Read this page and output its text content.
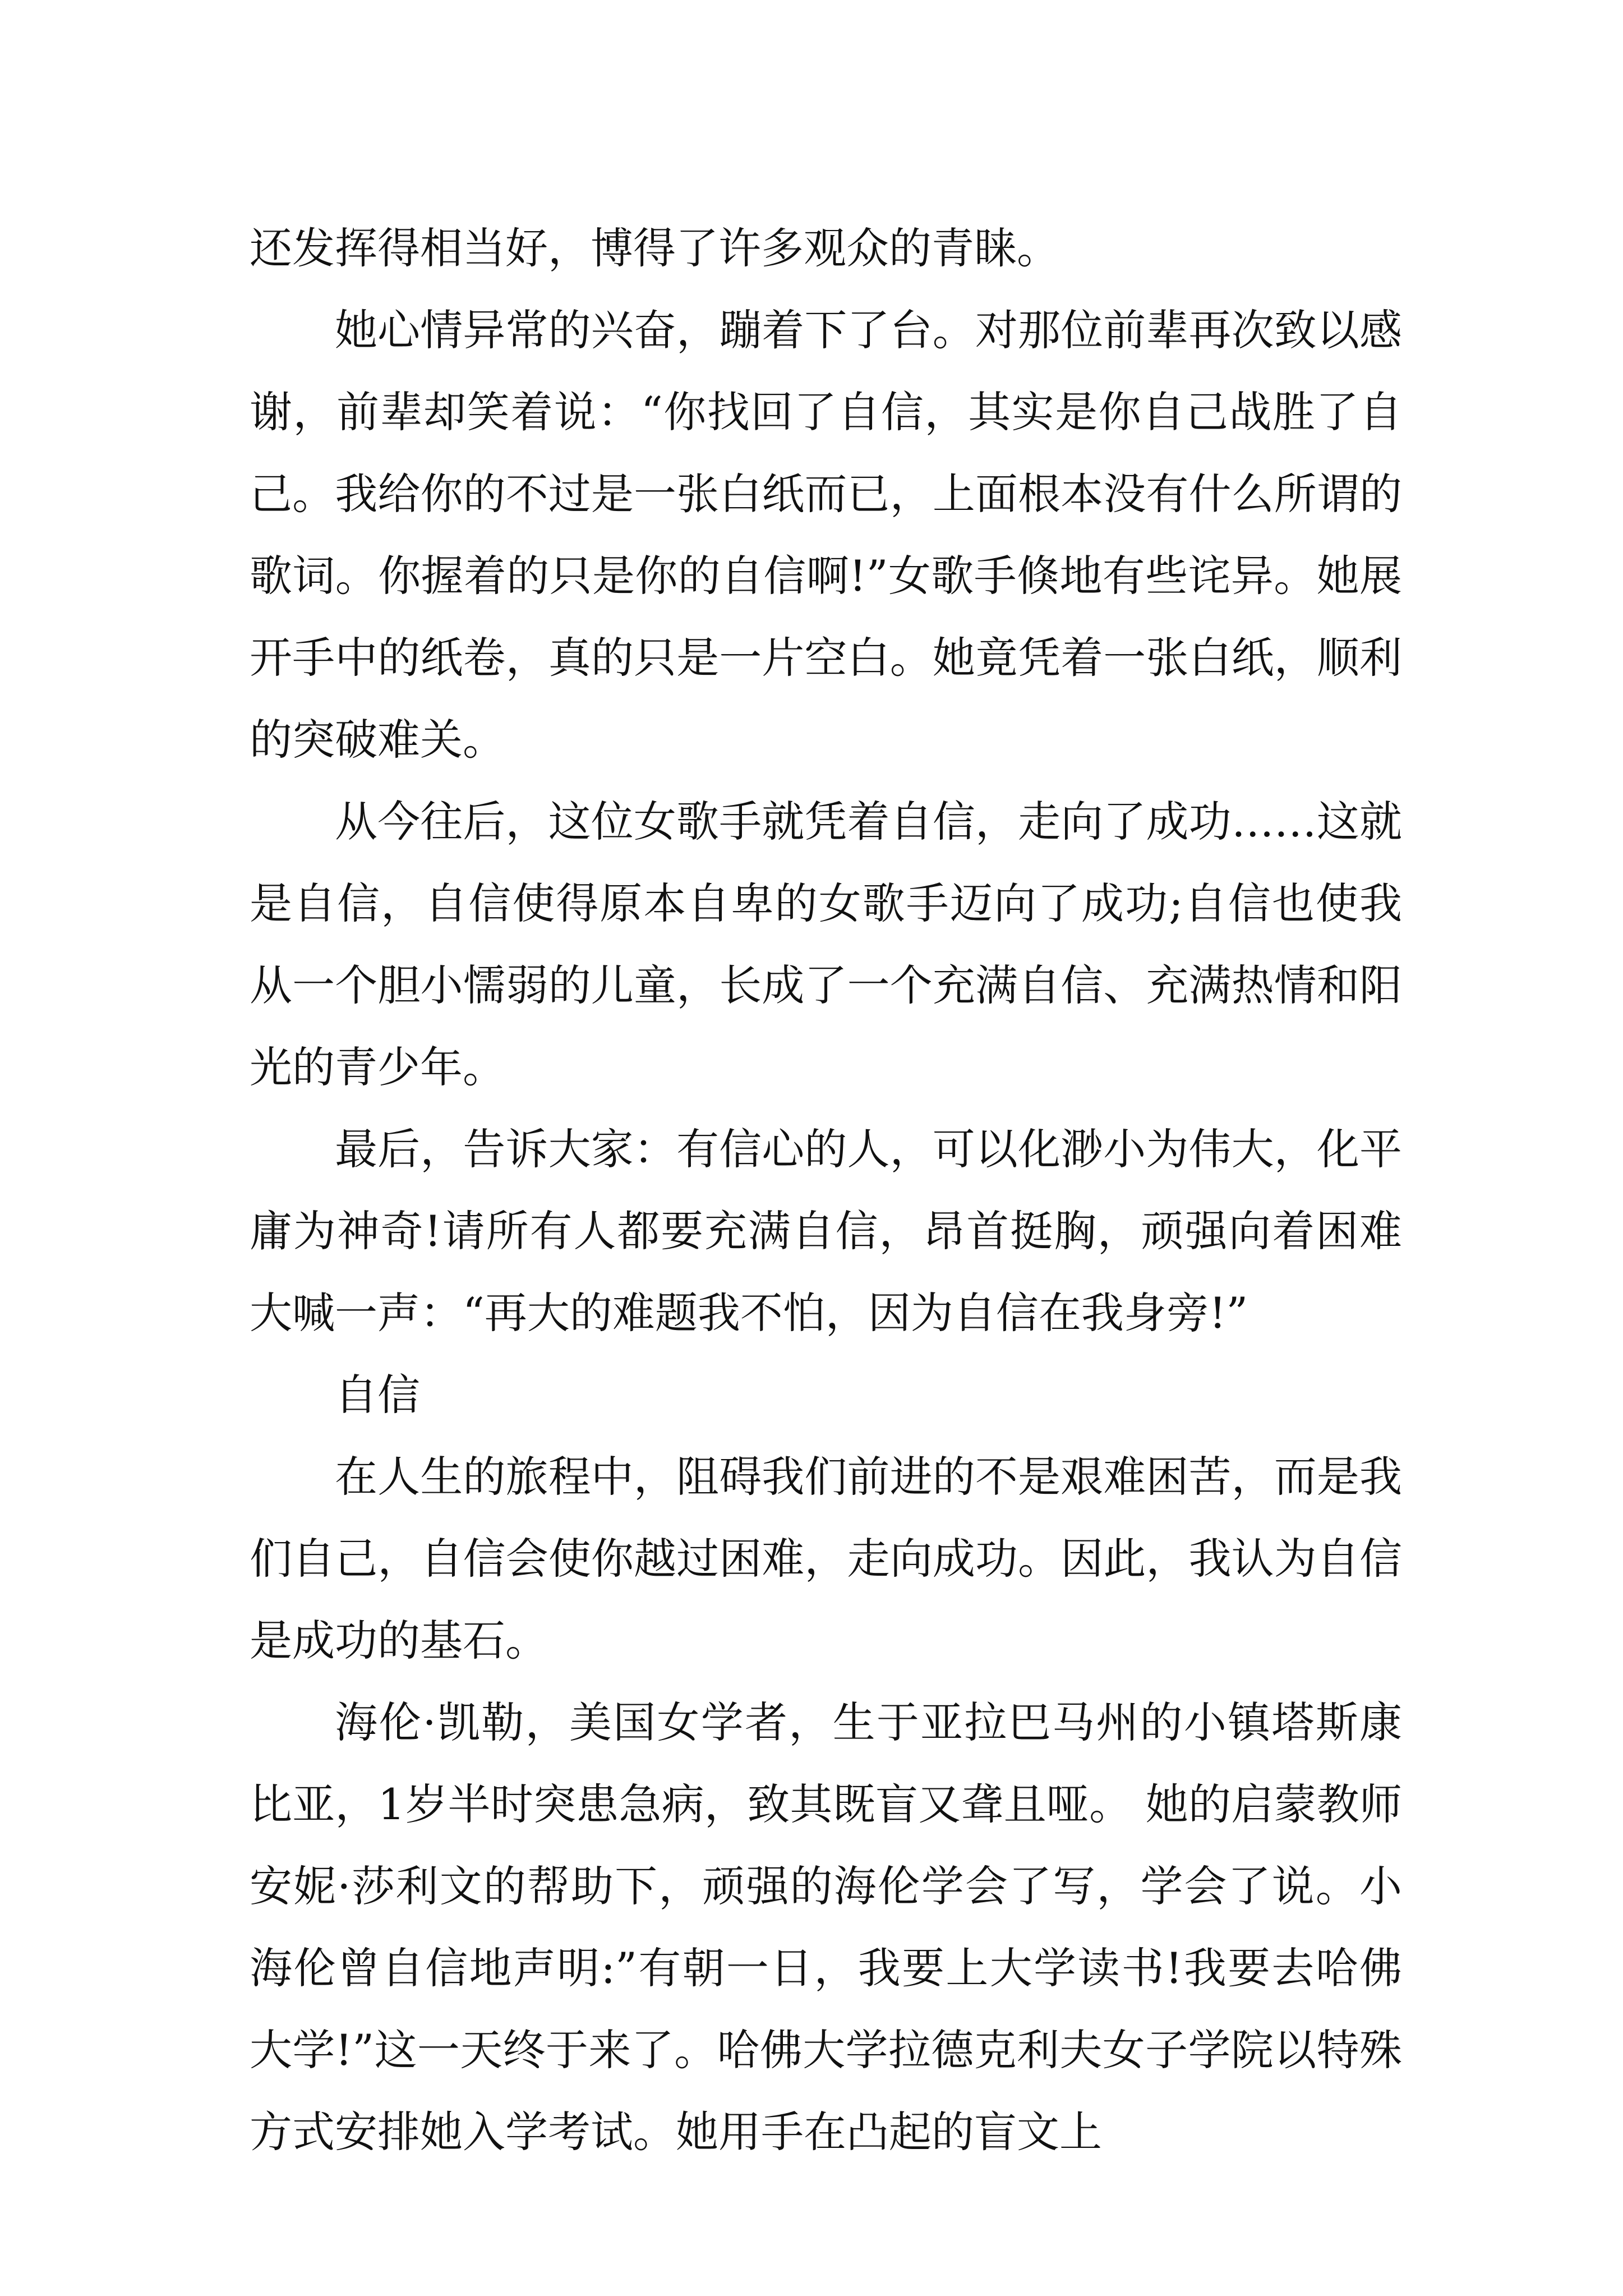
还发挥得相当好，博得了许多观众的青睐。

她心情异常的兴奋，蹦着下了台。对那位前辈再次致以感谢，前辈却笑着说：“你找回了自信，其实是你自己战胜了自己。我给你的不过是一张白纸而已，上面根本没有什么所谓的歌词。你握着的只是你的自信啊!”女歌手倏地有些诧异。她展开手中的纸卷，真的只是一片空白。她竟凭着一张白纸，顺利的突破难关。

从今往后，这位女歌手就凭着自信，走向了成功……这就是自信，自信使得原本自卑的女歌手迈向了成功;自信也使我从一个胆小懦弱的儿童，长成了一个充满自信、充满热情和阳光的青少年。

最后，告诉大家：有信心的人，可以化渺小为伟大，化平庸为神奇!请所有人都要充满自信，昂首挺胸，顽强向着困难大喊一声：“再大的难题我不怕，因为自信在我身旁!”

自信

在人生的旅程中，阻碍我们前进的不是艰难困苦，而是我们自己，自信会使你越过困难，走向成功。因此，我认为自信是成功的基石。

海伦·凯勒，美国女学者，生于亚拉巴马州的小镇塔斯康比亚，1岁半时突患急病，致其既盲又聋且哑。 她的启蒙教师安妮·莎利文的帮助下，顽强的海伦学会了写，学会了说。小海伦曾自信地声明:”有朝一日，我要上大学读书!我要去哈佛大学!”这一天终于来了。哈佛大学拉德克利夫女子学院以特殊方式安排她入学考试。她用手在凸起的盲文上
